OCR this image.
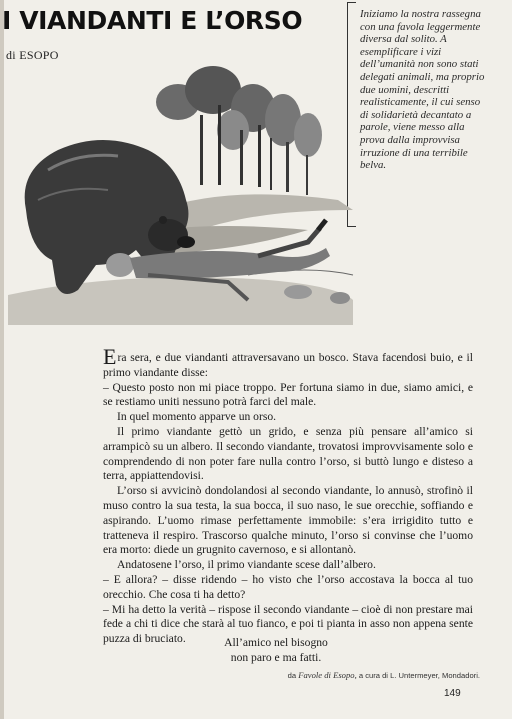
I VIANDANTI E L’ORSO
di ESOPO
Iniziamo la nostra rassegna con una favola leggermente diversa dal solito. A esemplificare i vizi dell’umanità non sono stati delegati animali, ma proprio due uomini, descritti realisticamente, il cui senso di solidarietà decantato a parole, viene messo alla prova dalla improvvisa irruzione di una terribile belva.

Era sera, e due viandanti attraversavano un bosco. Stava facendosi buio, e il primo viandante disse:

– Questo posto non mi piace troppo. Per fortuna siamo in due, siamo amici, e se restiamo uniti nessuno potrà farci del male.

In quel momento apparve un orso.

Il primo viandante gettò un grido, e senza più pensare all’amico si arrampicò su un albero. Il secondo viandante, trovatosi improvvisamente solo e comprendendo di non poter fare nulla contro l’orso, si buttò lungo e disteso a terra, appiattendovisi.

L’orso si avvicinò dondolandosi al secondo viandante, lo annusò, strofinò il muso contro la sua testa, la sua bocca, il suo naso, le sue orecchie, soffiando e aspirando. L’uomo rimase perfettamente immobile: s’era irrigidito tutto e tratteneva il respiro. Trascorso qualche minuto, l’orso si convinse che l’uomo era morto: diede un grugnito cavernoso, e si allontanò.

Andatosene l’orso, il primo viandante scese dall’albero.

– E allora? – disse ridendo – ho visto che l’orso accostava la bocca al tuo orecchio. Che cosa ti ha detto?

– Mi ha detto la verità – rispose il secondo viandante – cioè di non prestare mai fede a chi ti dice che starà al tuo fianco, e poi ti pianta in asso non appena sente puzza di bruciato.	All’amico nel bisogno
non paro e ma fatti.
da Favole di Esopo, a cura di L. Untermeyer, Mondadori.
149
